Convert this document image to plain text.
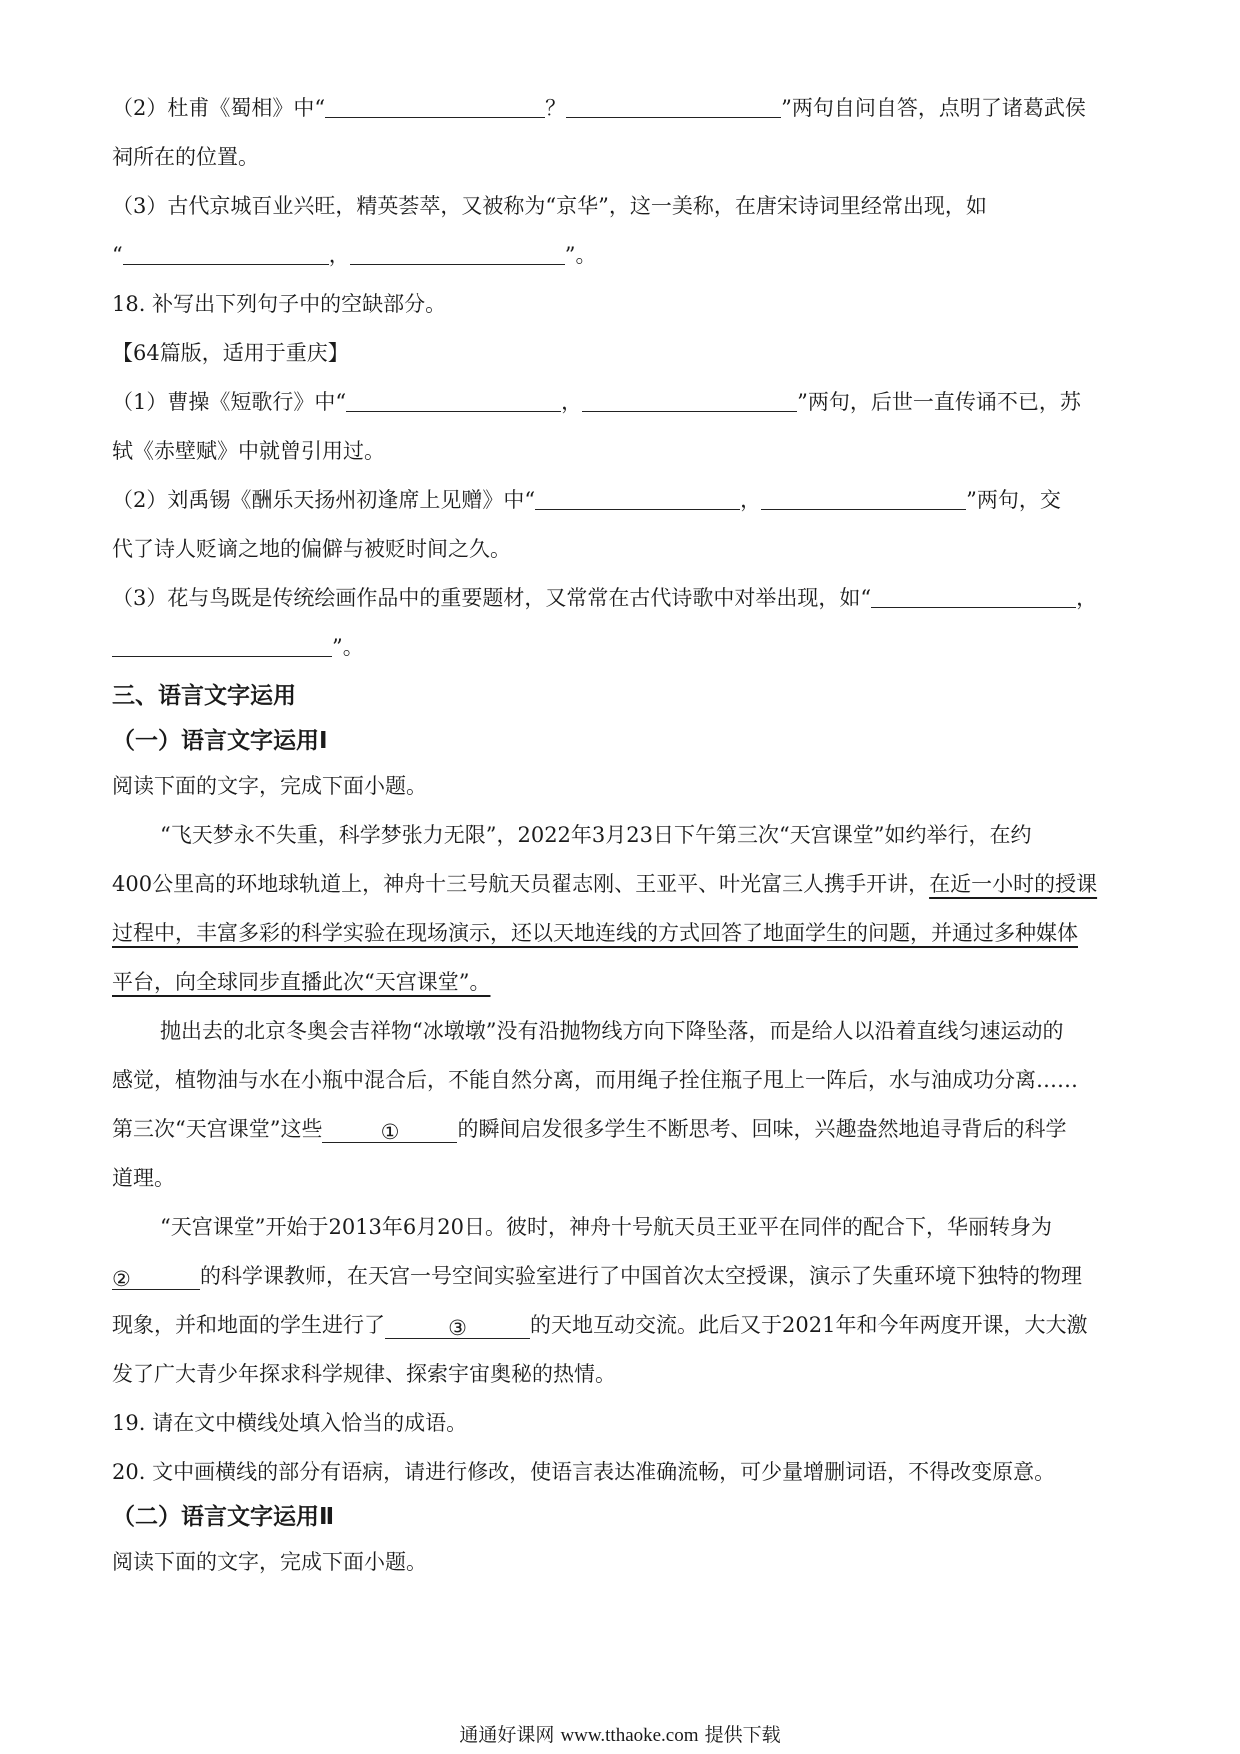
（2）杜甫《蜀相》中“	？	”两句自问自答，点明了诸葛武侯
祠所在的位置。
（3）古代京城百业兴旺，精英荟萃，又被称为“京华”，这一美称，在唐宋诗词里经常出现，如
“	，	”。
18. 补写出下列句子中的空缺部分。
【64篇版，适用于重庆】
（1）曹操《短歌行》中“	，	”两句，后世一直传诵不已，苏
轼《赤壁赋》中就曾引用过。
（2）刘禹锡《酬乐天扬州初逢席上见赠》中“	，	”两句，交
代了诗人贬谪之地的偏僻与被贬时间之久。
（3）花与鸟既是传统绘画作品中的重要题材，又常常在古代诗歌中对举出现，如“	，
”。
三、语言文字运用
（一）语言文字运用Ⅰ
阅读下面的文字，完成下面小题。
“飞天梦永不失重，科学梦张力无限”，2022年3月23日下午第三次“天宫课堂”如约举行，在约
400公里高的环地球轨道上，神舟十三号航天员翟志刚、王亚平、叶光富三人携手开讲，在近一小时的授课
过程中，丰富多彩的科学实验在现场演示，还以天地连线的方式回答了地面学生的问题，并通过多种媒体
平台，向全球同步直播此次“天宫课堂”。
抛出去的北京冬奥会吉祥物“冰墩墩”没有沿抛物线方向下降坠落，而是给人以沿着直线匀速运动的
感觉，植物油与水在小瓶中混合后，不能自然分离，而用绳子拴住瓶子甩上一阵后，水与油成功分离……
第三次“天宫课堂”这些	①	的瞬间启发很多学生不断思考、回味，兴趣盎然地追寻背后的科学
道理。
“天宫课堂”开始于2013年6月20日。彼时，神舟十号航天员王亚平在同伴的配合下，华丽转身为
②	的科学课教师，在天宫一号空间实验室进行了中国首次太空授课，演示了失重环境下独特的物理
现象，并和地面的学生进行了	③	的天地互动交流。此后又于2021年和今年两度开课，大大激
发了广大青少年探求科学规律、探索宇宙奥秘的热情。
19. 请在文中横线处填入恰当的成语。
20. 文中画横线的部分有语病，请进行修改，使语言表达准确流畅，可少量增删词语，不得改变原意。
（二）语言文字运用Ⅱ
阅读下面的文字，完成下面小题。
通通好课网 www.tthaoke.com 提供下载
